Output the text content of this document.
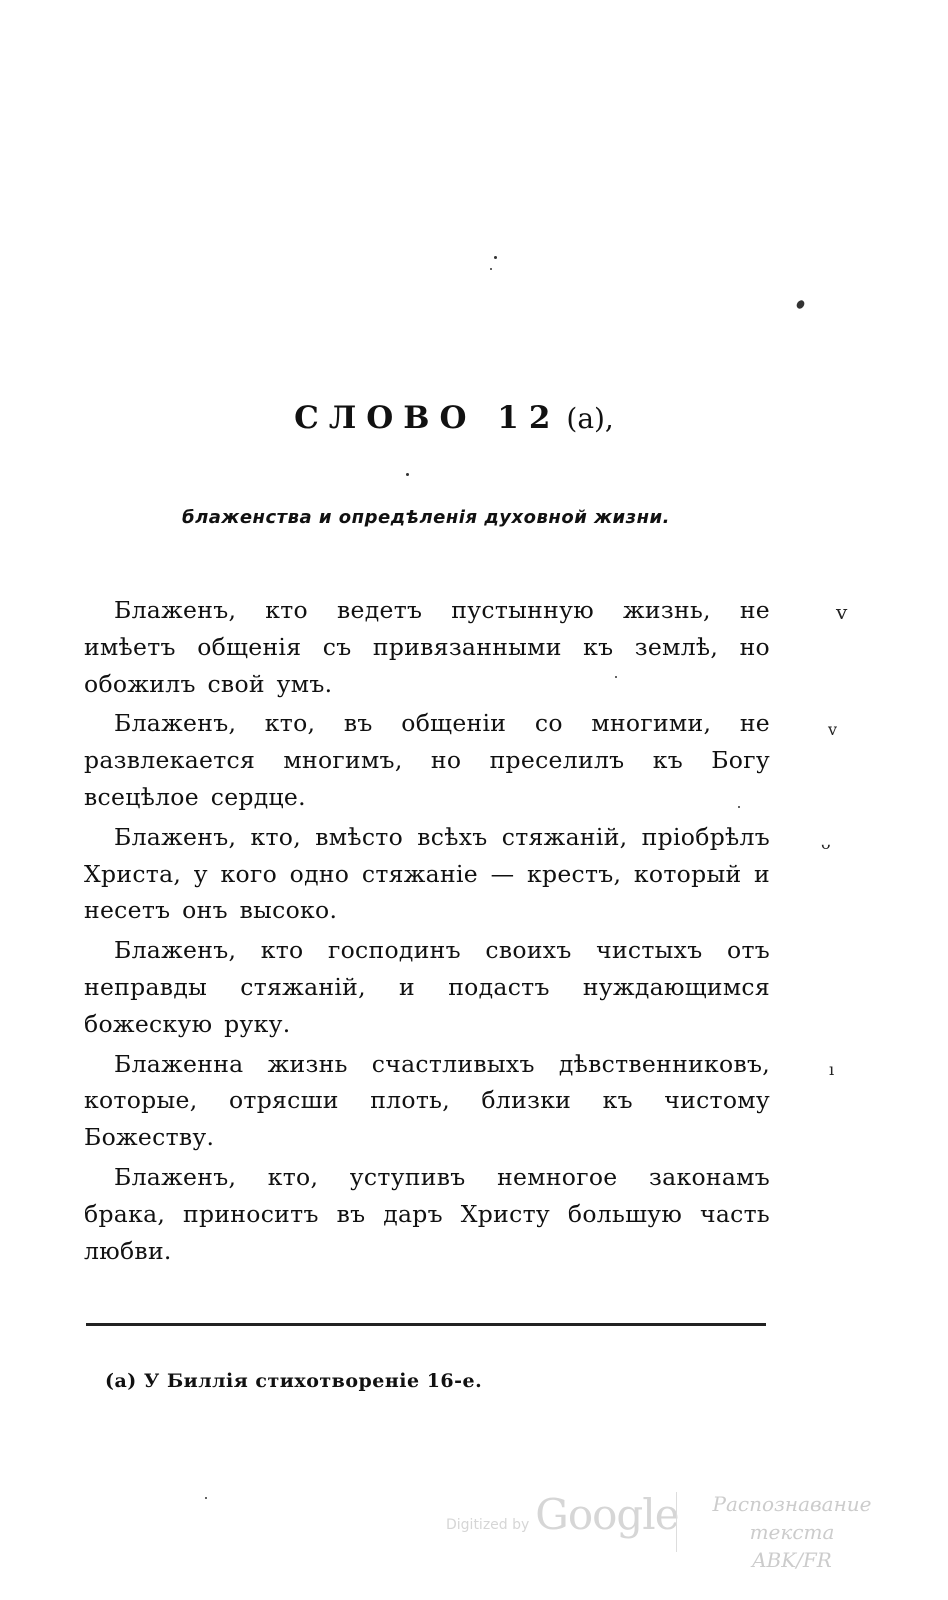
СЛОВО 12 (а),
блаженства и опредѣленія духовной жизни.

Блаженъ, кто ведетъ пустынную жизнь, не имѣетъ общенія съ привязанными къ землѣ, но обожилъ свой умъ.

Блаженъ, кто, въ общеніи со многими, не развлекается многимъ, но преселилъ къ Богу всецѣлое сердце.

Блаженъ, кто, вмѣсто всѣхъ стяжаній, пріобрѣлъ Христа, у кого одно стяжаніе — крестъ, который и несетъ онъ высоко.

Блаженъ, кто господинъ своихъ чистыхъ отъ неправды стяжаній, и подастъ нуждающимся божескую руку.

Блаженна жизнь счастливыхъ дѣвственниковъ, которые, отрясши плоть, близки къ чистому Божеству.

Блаженъ, кто, уступивъ немногое законамъ брака, приноситъ въ даръ Христу большую часть любви.

v
v
ᴗ
ı
(а) У Биллія стихотвореніе 16-е.
Digitized by Google	Распознавание текста
ABK/FR
